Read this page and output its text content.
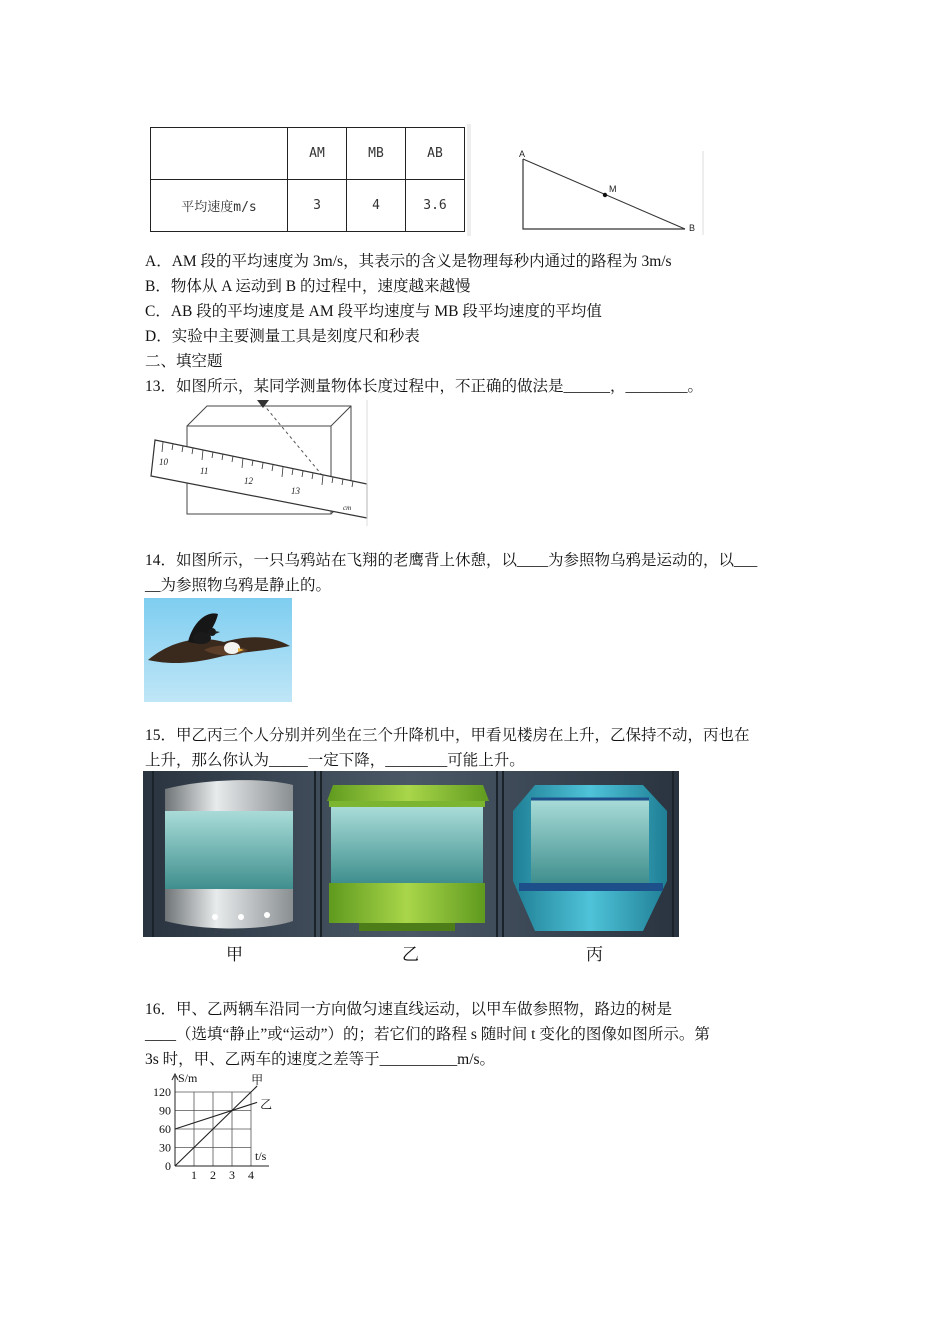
	AM	MB	AB
平均速度m/s	3	4	3.6
A
M
B
A．AM 段的平均速度为 3m/s，其表示的含义是物理每秒内通过的路程为 3m/s
B．物体从 A 运动到 B 的过程中，速度越来越慢
C．AB 段的平均速度是 AM 段平均速度与 MB 段平均速度的平均值
D．实验中主要测量工具是刻度尺和秒表
二、填空题
13．如图所示，某同学测量物体长度过程中，不正确的做法是______，________。
10
11
12
13
cm
14．如图所示，一只乌鸦站在飞翔的老鹰背上休憩，以____为参照物乌鸦是运动的，以___
__为参照物乌鸦是静止的。
15．甲乙丙三个人分别并列坐在三个升降机中，甲看见楼房在上升，乙保持不动，丙也在
上升，那么你认为_____一定下降，________可能上升。
甲	乙	丙
16．甲、乙两辆车沿同一方向做匀速直线运动，以甲车做参照物，路边的树是
____（选填“静止”或“运动”）的；若它们的路程 s 随时间 t 变化的图像如图所示。第
3s 时，甲、乙两车的速度之差等于__________m/s。
甲
乙
1 2 3 4
0
30
60
90
120
S/m
t/s
